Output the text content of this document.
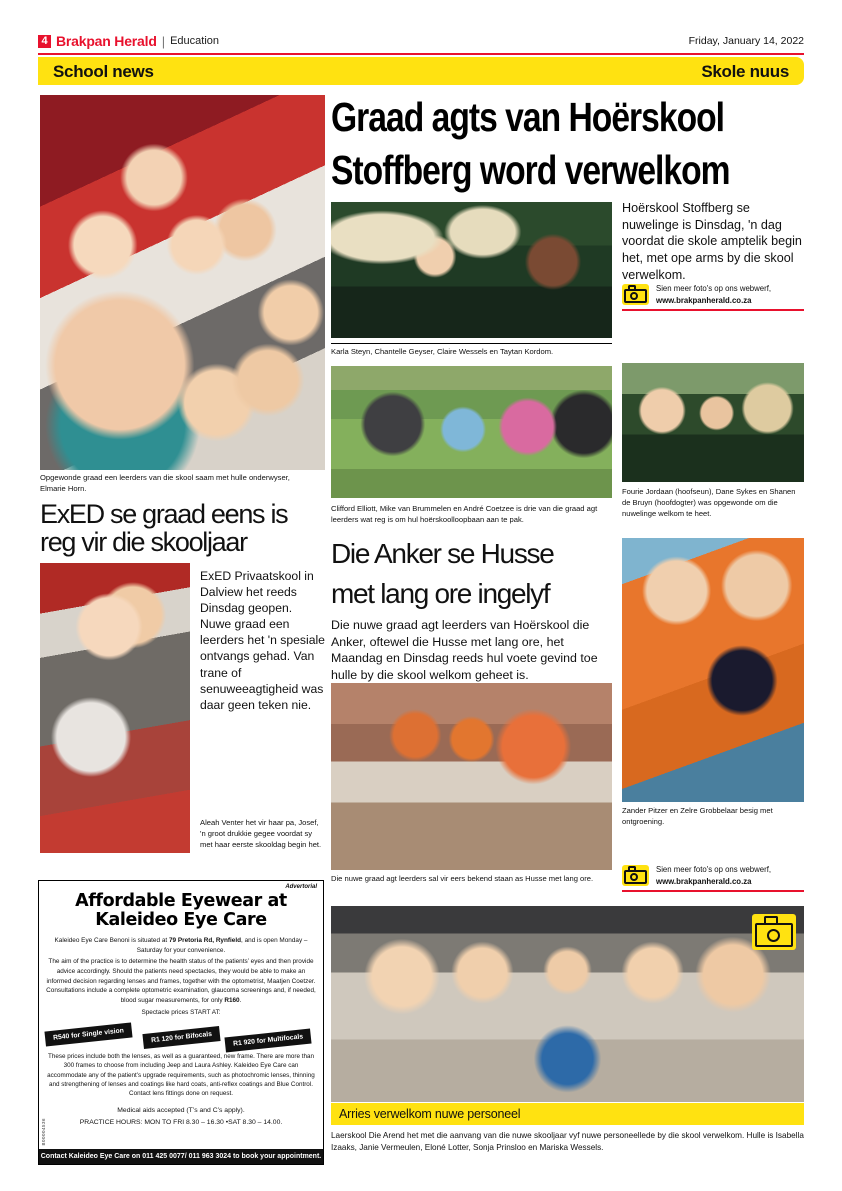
4 Brakpan Herald | Education	Friday, January 14, 2022
School news	Skole nuus
Opgewonde graad een leerders van die skool saam met hulle onderwyser, Elmarie Horn.
ExED se graad eens is
reg vir die skooljaar
ExED Privaatskool in Dalview het reeds Dinsdag geopen. Nuwe graad een leerders het 'n spesiale ontvangs gehad. Van trane of senuweeagtigheid was daar geen teken nie.
Aleah Venter het vir haar pa, Josef, 'n groot drukkie gegee voordat sy met haar eerste skooldag begin het.
Advertorial
Affordable Eyewear at
Kaleideo Eye Care
Kaleideo Eye Care Benoni is situated at 79 Pretoria Rd, Rynfield, and is open Monday – Saturday for your convenience.
The aim of the practice is to determine the health status of the patients’ eyes and then provide advice accordingly. Should the patients need spectacles, they would be able to make an informed decision regarding lenses and frames, together with the optometrist, Maatjen Coetzer. Consultations include a complete optometric examination, glaucoma screenings and, if needed, blood sugar measurements, for only R160.
Spectacle prices START AT:
R540 for Single vision	R1 120 for Bifocals	R1 920 for Multifocals
These prices include both the lenses, as well as a guaranteed, new frame. There are more than 300 frames to choose from including Jeep and Laura Ashley. Kaleideo Eye Care can accommodate any of the patient’s upgrade requirements, such as photochromic lenses, thinning and strengthening of lenses and coatings like hard coats, anti-reflex coatings and Blue Control. Contact lens fittings done on request.
Medical aids accepted (T’s and C’s apply).
PRACTICE HOURS: MON TO FRI 8.30 – 16.30 •SAT 8.30 – 14.00.
B00004536
Contact Kaleideo Eye Care on 011 425 0077/ 011 963 3024 to book your appointment.
Graad agts van Hoërskool
Stoffberg word verwelkom
Karla Steyn, Chantelle Geyser, Claire Wessels en Taytan Kordom.
Clifford Elliott, Mike van Brummelen en André Coetzee is drie van die graad agt leerders wat reg is om hul hoërskoolloopbaan aan te pak.
Hoërskool Stoffberg se nuwelinge is Dinsdag, 'n dag voordat die skole amptelik begin het, met ope arms by die skool verwelkom.
Sien meer foto's op ons webwerf,
www.brakpanherald.co.za
Fourie Jordaan (hoofseun), Dane Sykes en Shanen de Bruyn (hoofdogter) was opgewonde om die nuwelinge welkom te heet.
Die Anker se Husse
met lang ore ingelyf
Die nuwe graad agt leerders van Hoërskool die Anker, oftewel die Husse met lang ore, het Maandag en Dinsdag reeds hul voete gevind toe hulle by die skool welkom geheet is.
Die nuwe graad agt leerders sal vir eers bekend staan as Husse met lang ore.
Zander Pitzer en Zelre Grobbelaar besig met ontgroening.
Sien meer foto's op ons webwerf,
www.brakpanherald.co.za
Arries verwelkom nuwe personeel
Laerskool Die Arend het met die aanvang van die nuwe skooljaar vyf nuwe personeellede by die skool verwelkom. Hulle is Isabella Izaaks, Janie Vermeulen, Eloné Lotter, Sonja Prinsloo en Mariska Wessels.
